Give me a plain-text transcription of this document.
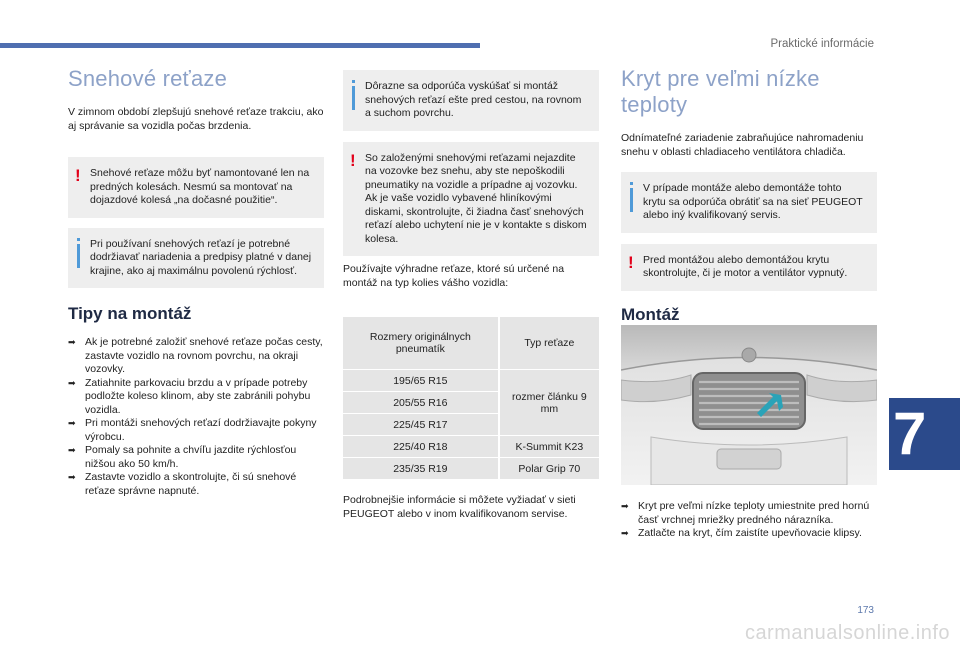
Praktické informácie
Snehové reťaze

V zimnom období zlepšujú snehové reťaze trakciu, ako aj správanie sa vozidla počas brzdenia.

! Snehové reťaze môžu byť namontované len na predných kolesách. Nesmú sa montovať na dojazdové kolesá „na dočasné použitie“.
Pri používaní snehových reťazí je potrebné dodržiavať nariadenia a predpisy platné v danej krajine, ako aj maximálnu povolenú rýchlosť.
Tipy na montáž
➡ Ak je potrebné založiť snehové reťaze počas cesty, zastavte vozidlo na rovnom povrchu, na okraji vozovky.
➡ Zatiahnite parkovaciu brzdu a v prípade potreby podložte koleso klinom, aby ste zabránili pohybu vozidla.
➡ Pri montáži snehových reťazí dodržiavajte pokyny výrobcu.
➡ Pomaly sa pohnite a chvíľu jazdite rýchlosťou nižšou ako 50 km/h.
➡ Zastavte vozidlo a skontrolujte, či sú snehové reťaze správne napnuté.
Dôrazne sa odporúča vyskúšať si montáž snehových reťazí ešte pred cestou, na rovnom a suchom povrchu.
! So založenými snehovými reťazami nejazdite na vozovke bez snehu, aby ste nepoškodili pneumatiky na vozidle a prípadne aj vozovku. Ak je vaše vozidlo vybavené hliníkovými diskami, skontrolujte, či žiadna časť snehových reťazí alebo uchytení nie je v kontakte s diskom kolesa.

Používajte výhradne reťaze, ktoré sú určené na montáž na typ kolies vášho vozidla:

Rozmery originálnych pneumatík	Typ reťaze
195/65 R15	rozmer článku 9 mm
205/55 R16	
225/45 R17	
225/40 R18	K-Summit K23
235/35 R19	Polar Grip 70

Podrobnejšie informácie si môžete vyžiadať v sieti PEUGEOT alebo v inom kvalifikovanom servise.

Kryt pre veľmi nízke teploty

Odnímateľné zariadenie zabraňujúce nahromadeniu snehu v oblasti chladiaceho ventilátora chladiča.

V prípade montáže alebo demontáže tohto krytu sa odporúča obrátiť sa na sieť PEUGEOT alebo iný kvalifikovaný servis.
! Pred montážou alebo demontážou krytu skontrolujte, či je motor a ventilátor vypnutý.
Montáž
➡ Kryt pre veľmi nízke teploty umiestnite pred hornú časť vrchnej mriežky predného nárazníka.
➡ Zatlačte na kryt, čím zaistíte upevňovacie klipsy.
7
173
carmanualsonline.info
